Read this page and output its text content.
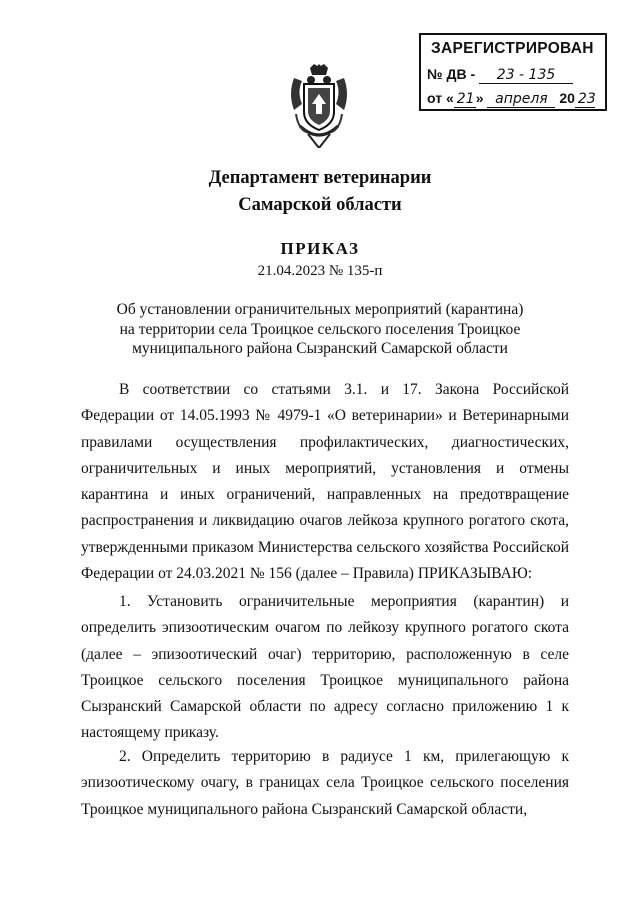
ЗАРЕГИСТРИРОВАН
№ ДВ - 23 - 135
от « 21» апреля 20 23
Департамент ветеринарии
Самарской области
ПРИКАЗ
21.04.2023 № 135-п
Об установлении ограничительных мероприятий (карантина) на территории села Троицкое сельского поселения Троицкое муниципального района Сызранский Самарской области

В соответствии со статьями 3.1. и 17. Закона Российской Федерации от 14.05.1993 № 4979-1 «О ветеринарии» и Ветеринарными правилами осуществления профилактических, диагностических, ограничительных и иных мероприятий, установления и отмены карантина и иных ограничений, направленных на предотвращение распространения и ликвидацию очагов лейкоза крупного рогатого скота, утвержденными приказом Министерства сельского хозяйства Российской Федерации от 24.03.2021 № 156 (далее – Правила) ПРИКАЗЫВАЮ:

1. Установить ограничительные мероприятия (карантин) и определить эпизоотическим очагом по лейкозу крупного рогатого скота (далее – эпизоотический очаг) территорию, расположенную в селе Троицкое сельского поселения Троицкое муниципального района Сызранский Самарской области по адресу согласно приложению 1 к настоящему приказу.

2. Определить территорию в радиусе 1 км, прилегающую к эпизоотическому очагу, в границах села Троицкое сельского поселения Троицкое муниципального района Сызранский Самарской области,
